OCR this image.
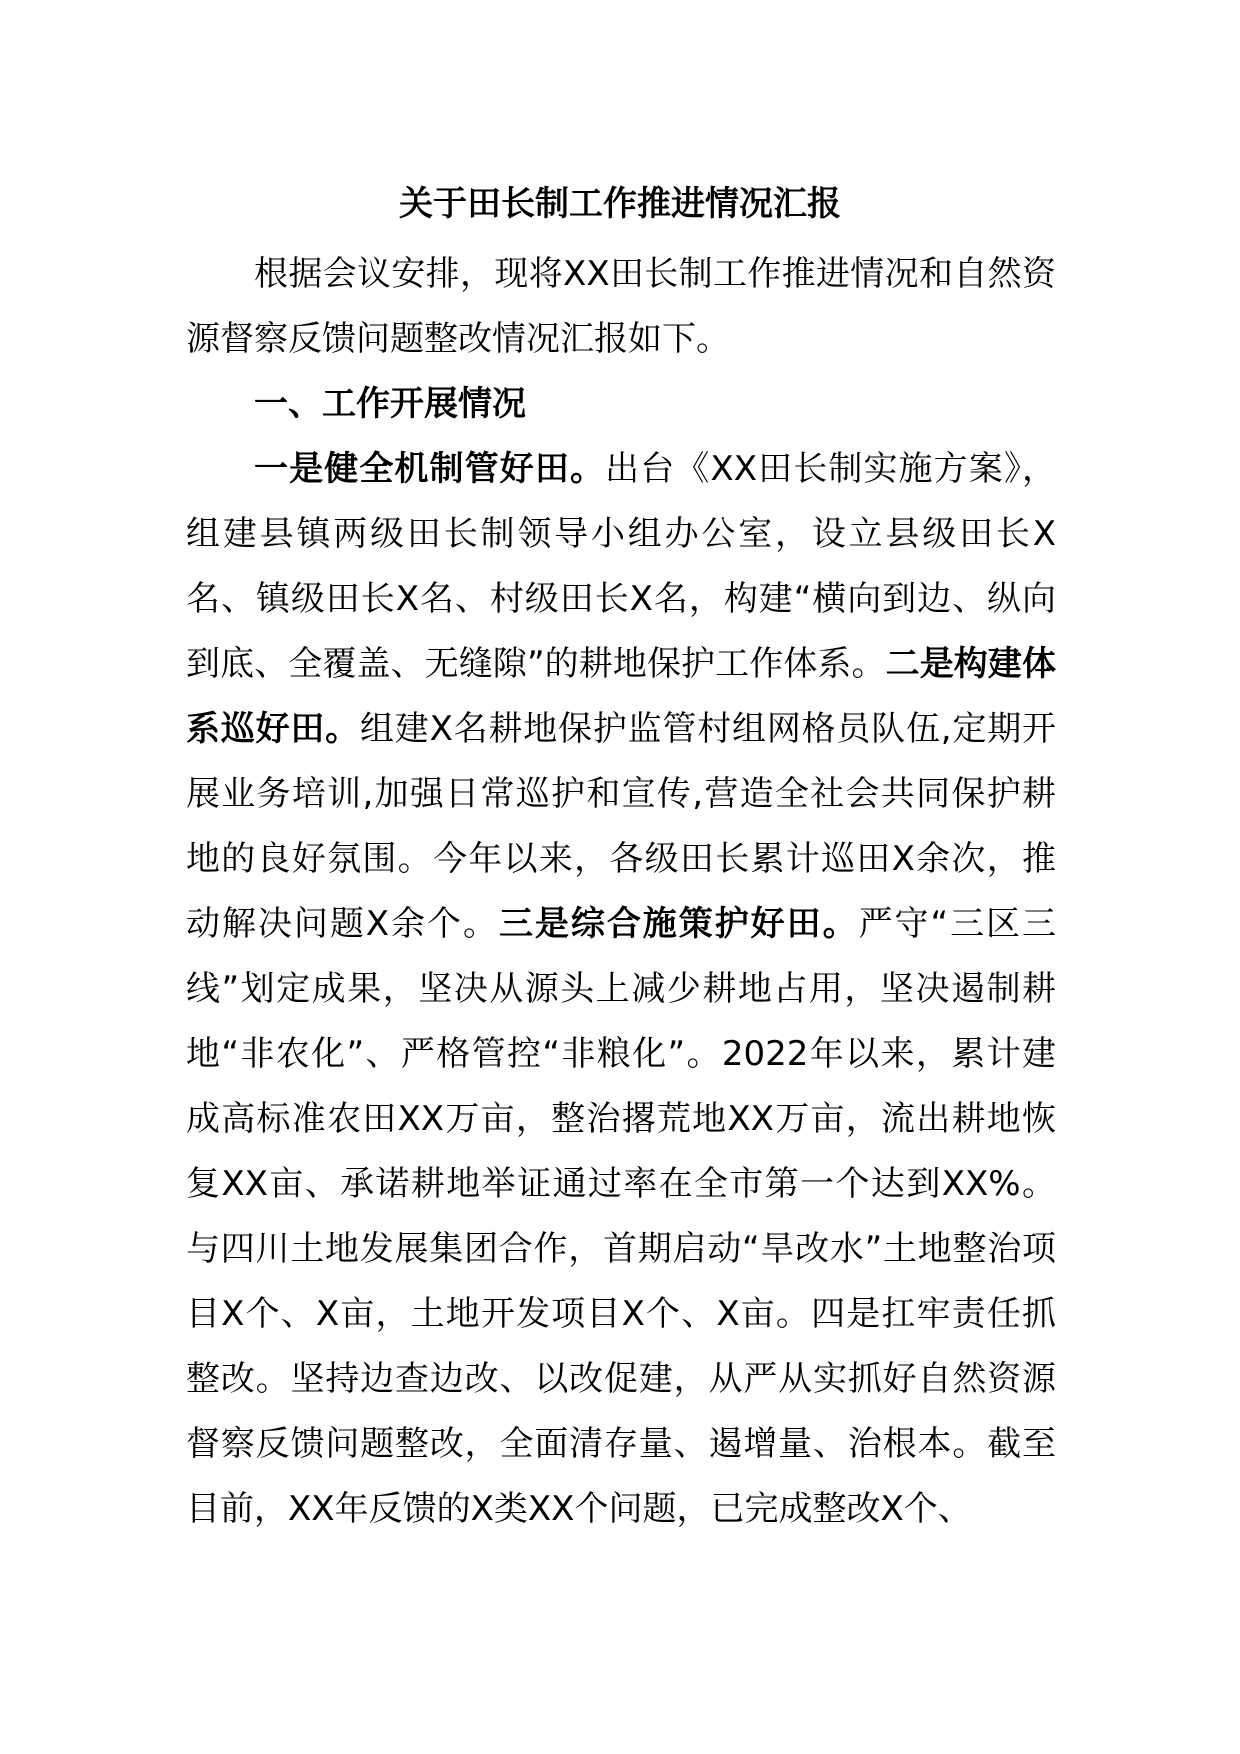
关于田长制工作推进情况汇报

根据会议安排，现将XX田长制工作推进情况和自然资源督察反馈问题整改情况汇报如下。

一、工作开展情况

一是健全机制管好田。出台《XX田长制实施方案》，组建县镇两级田长制领导小组办公室，设立县级田长X名、镇级田长X名、村级田长X名，构建“横向到边、纵向到底、全覆盖、无缝隙”的耕地保护工作体系。二是构建体系巡好田。组建X名耕地保护监管村组网格员队伍,定期开展业务培训,加强日常巡护和宣传,营造全社会共同保护耕地的良好氛围。今年以来，各级田长累计巡田X余次，推动解决问题X余个。三是综合施策护好田。严守“三区三线”划定成果，坚决从源头上减少耕地占用，坚决遏制耕地“非农化”、严格管控“非粮化”。2022年以来，累计建成高标准农田XX万亩，整治撂荒地XX万亩，流出耕地恢复XX亩、承诺耕地举证通过率在全市第一个达到XX%。与四川土地发展集团合作，首期启动“旱改水”土地整治项目X个、X亩，土地开发项目X个、X亩。四是扛牢责任抓整改。坚持边查边改、以改促建，从严从实抓好自然资源督察反馈问题整改，全面清存量、遏增量、治根本。截至目前，XX年反馈的X类XX个问题，已完成整改X个、
